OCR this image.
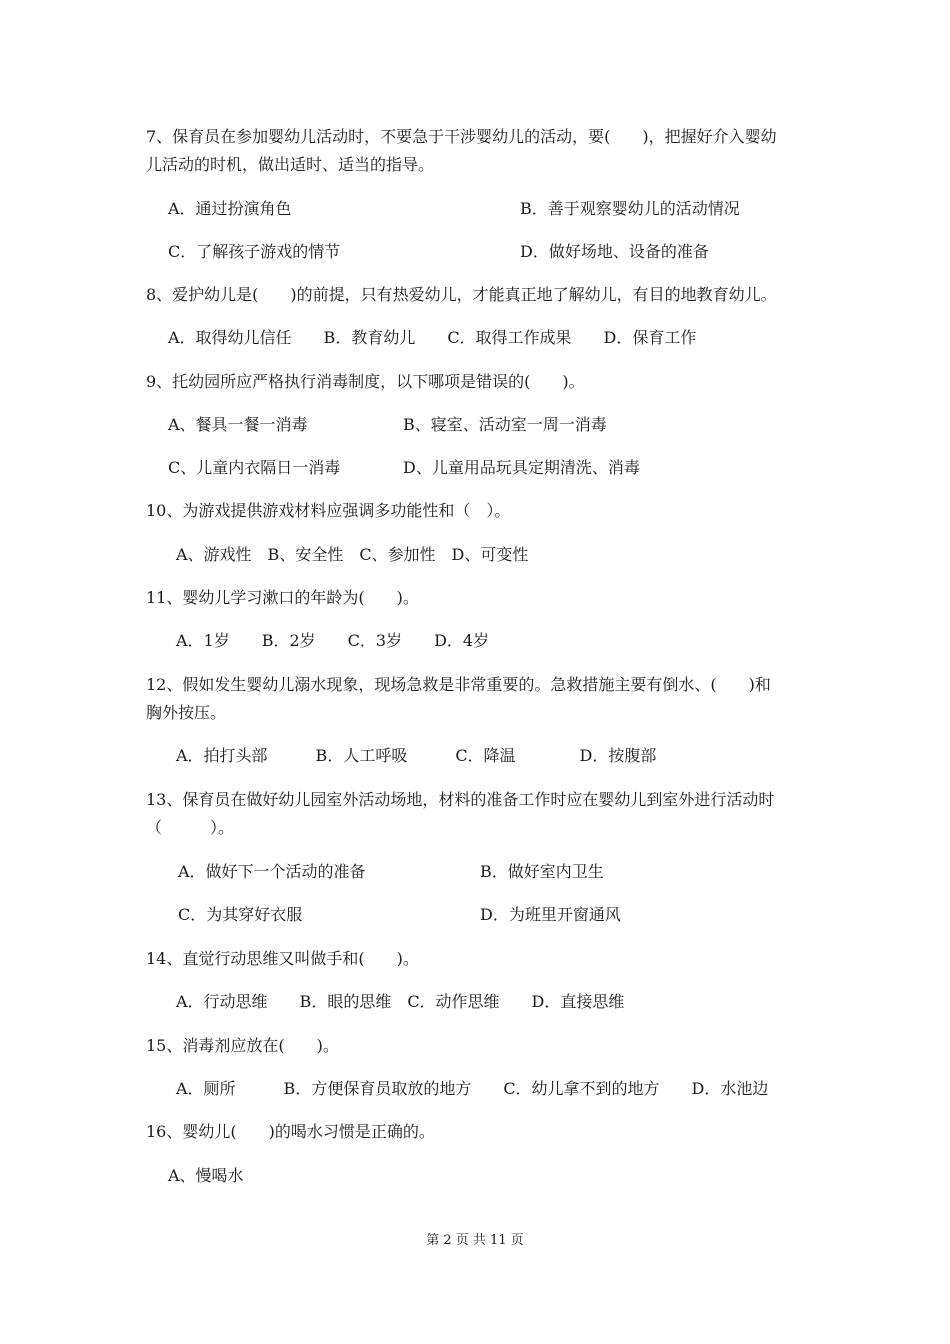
7、保育员在参加婴幼儿活动时，不要急于干涉婴幼儿的活动，要(　　)，把握好介入婴幼
儿活动的时机，做出适时、适当的指导。
A．通过扮演角色	B．善于观察婴幼儿的活动情况
C．了解孩子游戏的情节	D．做好场地、设备的准备
8、爱护幼儿是(　　)的前提，只有热爱幼儿，才能真正地了解幼儿，有目的地教育幼儿。
A．取得幼儿信任　　B．教育幼儿　　C．取得工作成果　　D．保育工作
9、托幼园所应严格执行消毒制度，以下哪项是错误的(　　)。
A、餐具一餐一消毒	B、寝室、活动室一周一消毒
C、儿童内衣隔日一消毒	D、儿童用品玩具定期清洗、消毒
10、为游戏提供游戏材料应强调多功能性和（　）。
A、游戏性　B、安全性　C、参加性　D、可变性
11、婴幼儿学习漱口的年龄为(　　)。
A．1岁　　B．2岁　　C．3岁　　D．4岁
12、假如发生婴幼儿溺水现象，现场急救是非常重要的。急救措施主要有倒水、(　　)和
胸外按压。
A．拍打头部　　　B．人工呼吸　　　C．降温　　　　D．按腹部
13、保育员在做好幼儿园室外活动场地，材料的准备工作时应在婴幼儿到室外进行活动时
（　　　）。
A．做好下一个活动的准备	B．做好室内卫生
C．为其穿好衣服	D．为班里开窗通风
14、直觉行动思维又叫做手和(　　)。
A．行动思维　　B．眼的思维　C．动作思维　　D．直接思维
15、消毒剂应放在(　　)。
A．厕所　　　B．方便保育员取放的地方　　C．幼儿拿不到的地方　　D．水池边
16、婴幼儿(　　)的喝水习惯是正确的。
A、慢喝水
第 2 页 共 11 页
